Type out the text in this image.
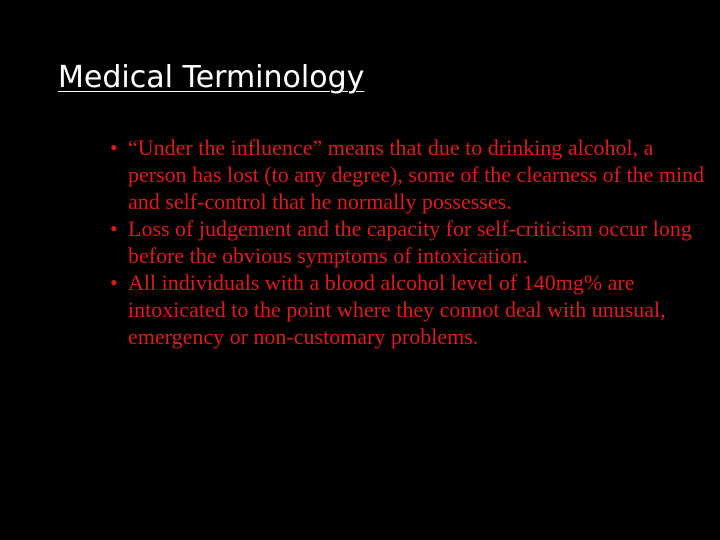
Medical Terminology
• “Under the influence” means that due to drinking alcohol, a person has lost (to any degree), some of the clearness of the mind and self-control that he normally possesses.
• Loss of judgement and the capacity for self-criticism occur long before the obvious symptoms of intoxication.
• All individuals with a blood alcohol level of 140mg% are intoxicated to the point where they connot deal with unusual, emergency or non-customary problems.
